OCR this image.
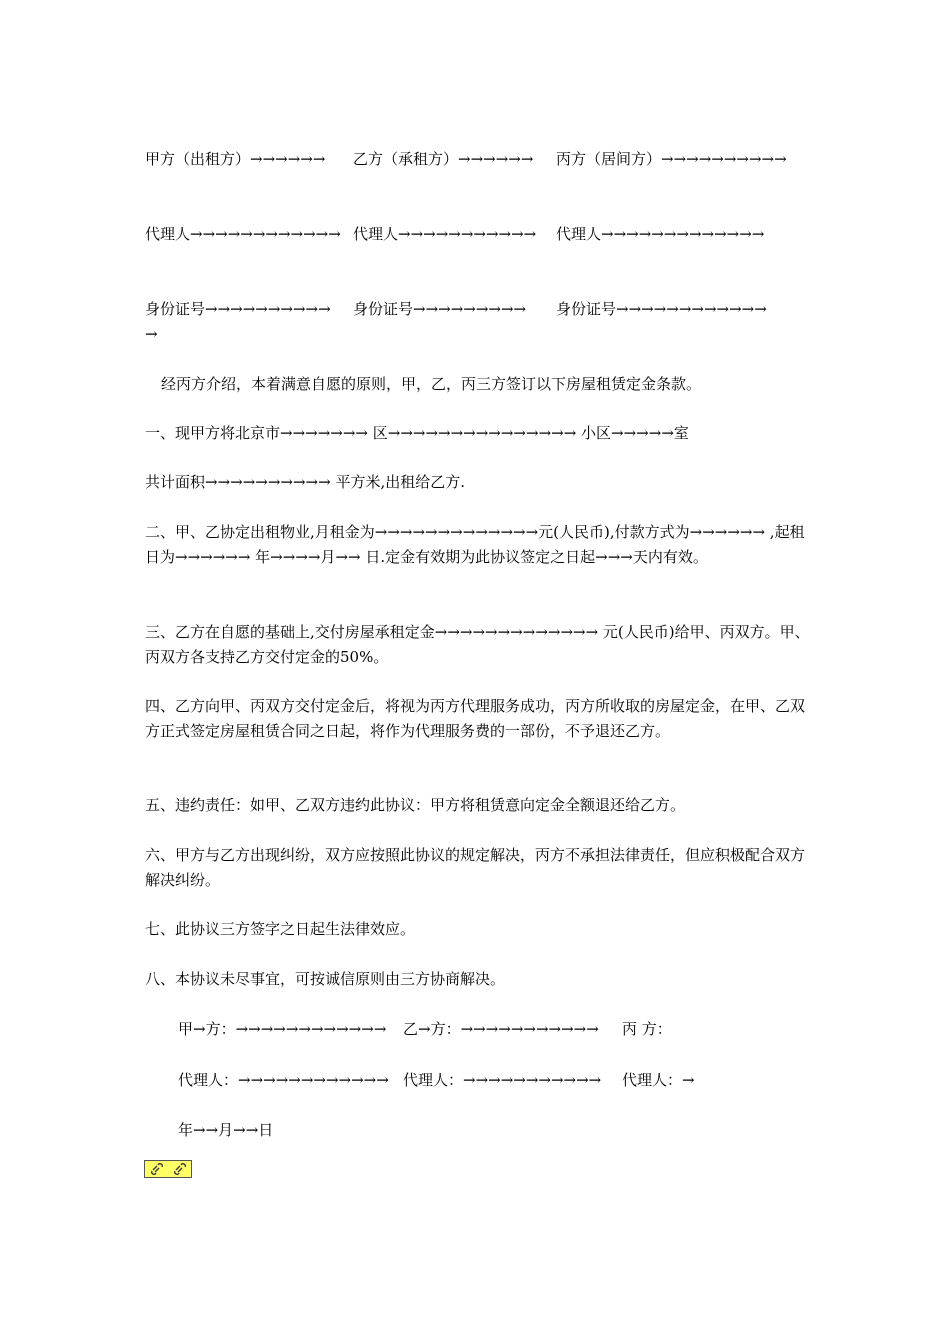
甲方（出租方）→→→→→→ 乙方（承租方）→→→→→→ 丙方（居间方）→→→→→→→→→→
代理人→→→→→→→→→→→→ 代理人→→→→→→→→→→→ 代理人→→→→→→→→→→→→→
身份证号→→→→→→→→→→ 身份证号→→→→→→→→→ 身份证号→→→→→→→→→→→→
→
经丙方介绍，本着满意自愿的原则，甲，乙，丙三方签订以下房屋租赁定金条款。
一、现甲方将北京市→→→→→→→ 区→→→→→→→→→→→→→→→ 小区→→→→→室
共计面积→→→→→→→→→→ 平方米,出租给乙方.
二、甲、乙协定出租物业,月租金为→→→→→→→→→→→→→元(人民币),付款方式为→→→→→→ ,起租日为→→→→→→ 年→→→→月→→ 日.定金有效期为此协议签定之日起→→→天内有效。
三、乙方在自愿的基础上,交付房屋承租定金→→→→→→→→→→→→→ 元(人民币)给甲、丙双方。甲、丙双方各支持乙方交付定金的50%。
四、乙方向甲、丙双方交付定金后，将视为丙方代理服务成功，丙方所收取的房屋定金，在甲、乙双方正式签定房屋租赁合同之日起，将作为代理服务费的一部份，不予退还乙方。
五、违约责任：如甲、乙双方违约此协议：甲方将租赁意向定金全额退还给乙方。
六、甲方与乙方出现纠纷，双方应按照此协议的规定解决，丙方不承担法律责任，但应积极配合双方解决纠纷。
七、此协议三方签字之日起生法律效应。
八、本协议未尽事宜，可按诚信原则由三方协商解决。
甲→方：→→→→→→→→→→→→ 乙→方：→→→→→→→→→→→ 丙 方：
代理人：→→→→→→→→→→→→ 代理人：→→→→→→→→→→→ 代理人：→
年→→月→→日
